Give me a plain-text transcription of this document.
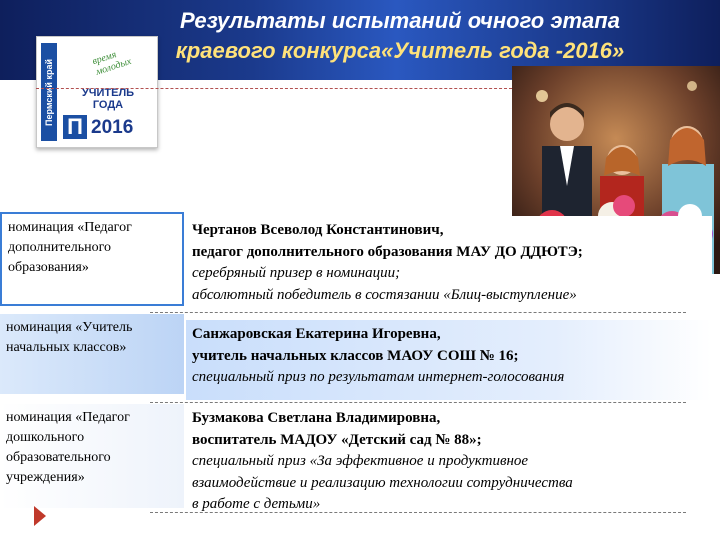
Результаты испытаний очного этапа
краевого конкурса«Учитель года -2016»
Пермский край
время молодых
УЧИТЕЛЬ
ГОДА
П 2016
номинация «Педагог дополнительного образования»
Чертанов Всеволод Константинович,
педагог дополнительного образования МАУ ДО ДДЮТЭ;
серебряный призер в номинации;
абсолютный победитель в состязании «Блиц-выступление»
номинация «Учитель начальных классов»
Санжаровская Екатерина Игоревна,
учитель начальных классов МАОУ СОШ № 16;
специальный приз по результатам интернет-голосования
номинация «Педагог дошкольного образовательного учреждения»
Бузмакова Светлана Владимировна,
воспитатель МАДОУ «Детский сад № 88»;
специальный приз «За эффективное и продуктивное
взаимодействие и реализацию технологии сотрудничества
в работе с детьми»
